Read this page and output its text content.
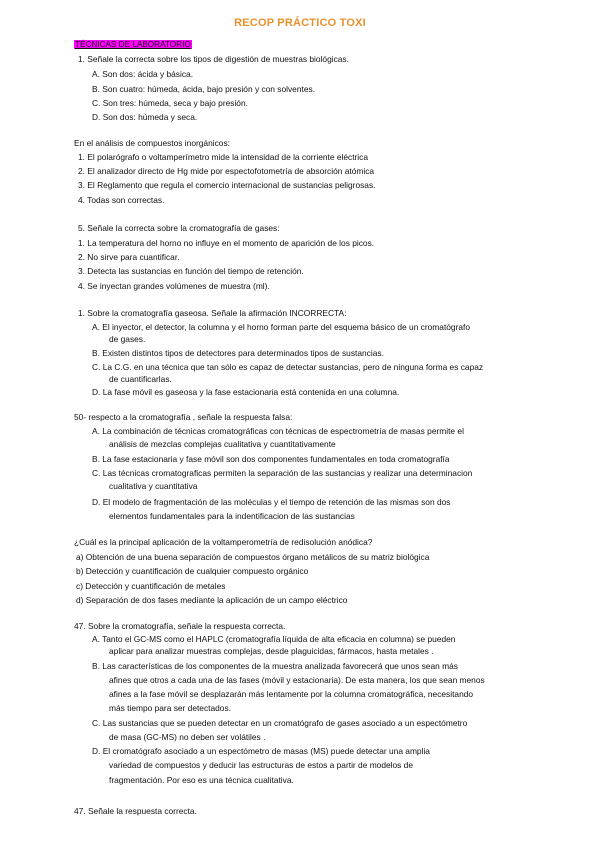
RECOP PRÁCTICO TOXI
TÉCNICAS DE LABORATORIO
1. Señale la correcta sobre los tipos de digestión de muestras biológicas.
A. Son dos: ácida y básica.
B. Son cuatro: húmeda, ácida, bajo presión y con solventes.
C. Son tres: húmeda, seca y bajo presión.
D. Son dos: húmeda y seca.
En el análisis de compuestos inorgánicos:
1. El polarógrafo o voltamperímetro mide la intensidad de la corriente eléctrica
2. El analizador directo de Hg mide por espectofotometría de absorción atómica
3. El Reglamento que regula el comercio internacional de sustancias peligrosas.
4. Todas son correctas.
5. Señale la correcta sobre la cromatografía de gases:
1. La temperatura del horno no influye en el momento de aparición de los picos.
2. No sirve para cuantificar.
3. Detecta las sustancias en función del tiempo de retención.
4. Se inyectan grandes volúmenes de muestra (ml).
1. Sobre la cromatografía gaseosa. Señale la afirmación INCORRECTA:
A. El inyector, el detector, la columna y el horno forman parte del esquema básico de un cromatógrafo
de gases.
B. Existen distintos tipos de detectores para determinados tipos de sustancias.
C. La C.G. en una técnica que tan sólo es capaz de detectar sustancias, pero de ninguna forma es capaz
de cuantificarlas.
D. La fase móvil es gaseosa y la fase estacionaria está contenida en una columna.
50- respecto a la cromatografía , señale la respuesta falsa:
A. La combinación de técnicas cromatográficas con técnicas de espectrometría de masas permite el
análisis de mezclas complejas cualitativa y cuantitativamente
B. La fase estacionaria y fase móvil son dos componentes fundamentales en toda cromatografía
C. Las técnicas cromatograficas permiten la separación de las sustancias y realizar una determinacion
cualitativa y cuantitativa
D. El modelo de fragmentación de las moléculas y el tiempo de retención de las mismas son dos
elementos fundamentales para la indentificacion de las sustancias
¿Cuál es la principal aplicación de la voltamperometría de redisolución anódica?
a) Obtención de una buena separación de compuestos órgano metálicos de su matriz biológica
b) Detección y cuantificación de cualquier compuesto orgánico
c) Detección y cuantificación de metales
d) Separación de dos fases mediante la aplicación de un campo eléctrico
47. Sobre la cromatografía, señale la respuesta correcta.
A. Tanto el GC-MS como el HAPLC (cromatografía líquida de alta eficacia en columna) se pueden
aplicar para analizar muestras complejas, desde plaguicidas, fármacos, hasta metales .
B. Las características de los componentes de la muestra analizada favorecerá que unos sean más
afines que otros a cada una de las fases (móvil y estacionaria). De esta manera, los que sean menos
afines a la fase móvil se desplazarán más lentamente por la columna cromatográfica, necesitando
más tiempo para ser detectados.
C. Las sustancias que se pueden detectar en un cromatógrafo de gases asociado a un espectómetro
de masa (GC-MS) no deben ser volátiles .
D. El cromatógrafo asociado a un espectómetro de masas (MS) puede detectar una amplia
variedad de compuestos y deducir las estructuras de estos a partir de modelos de
fragmentación. Por eso es una técnica cualitativa.
47. Señale la respuesta correcta.
